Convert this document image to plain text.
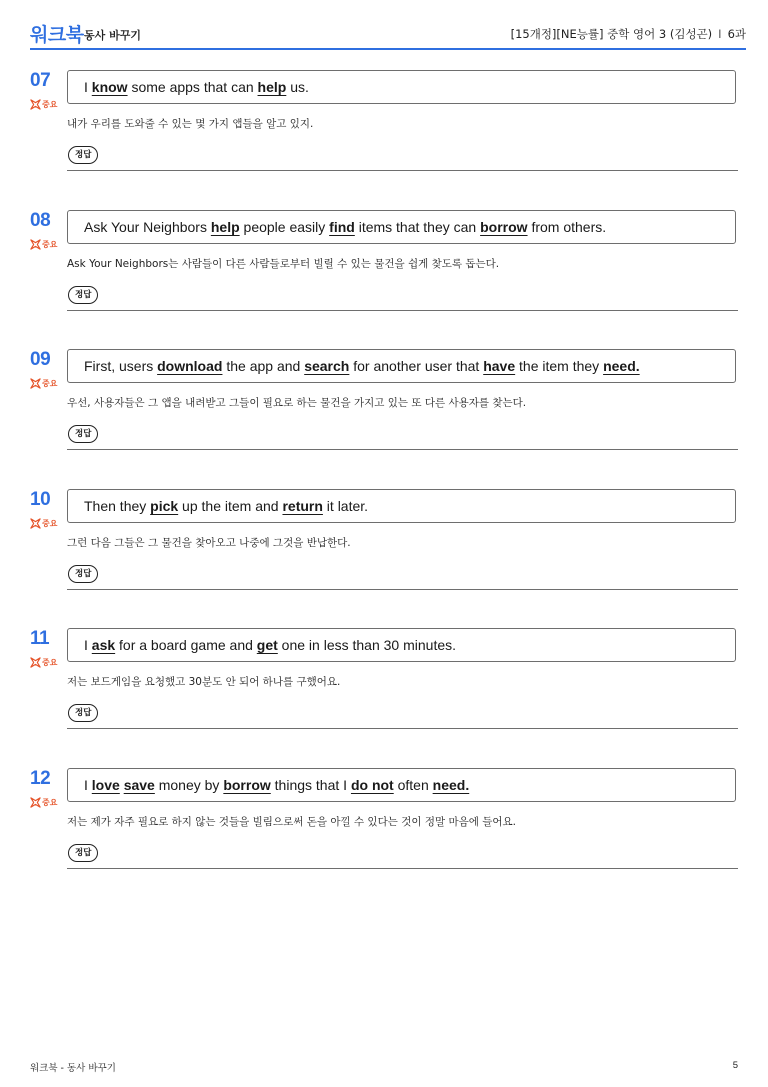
워크북 동사 바꾸기	[15개정][NE능률] 중학 영어 3 (김성곤) I 6과
07
중요
I know some apps that can help us.
내가 우리를 도와줄 수 있는 몇 가지 앱들을 알고 있지.
정답
08
중요
Ask Your Neighbors help people easily find items that they can borrow from others.
Ask Your Neighbors는 사람들이 다른 사람들로부터 빌릴 수 있는 물건을 쉽게 찾도록 돕는다.
정답
09
중요
First, users download the app and search for another user that have the item they need.
우선, 사용자들은 그 앱을 내려받고 그들이 필요로 하는 물건을 가지고 있는 또 다른 사용자를 찾는다.
정답
10
중요
Then they pick up the item and return it later.
그런 다음 그들은 그 물건을 찾아오고 나중에 그것을 반납한다.
정답
11
중요
I ask for a board game and get one in less than 30 minutes.
저는 보드게임을 요청했고 30분도 안 되어 하나를 구했어요.
정답
12
중요
I love save money by borrow things that I do not often need.
저는 제가 자주 필요로 하지 않는 것들을 빌림으로써 돈을 아낄 수 있다는 것이 정말 마음에 들어요.
정답
워크북 - 동사 바꾸기	5
